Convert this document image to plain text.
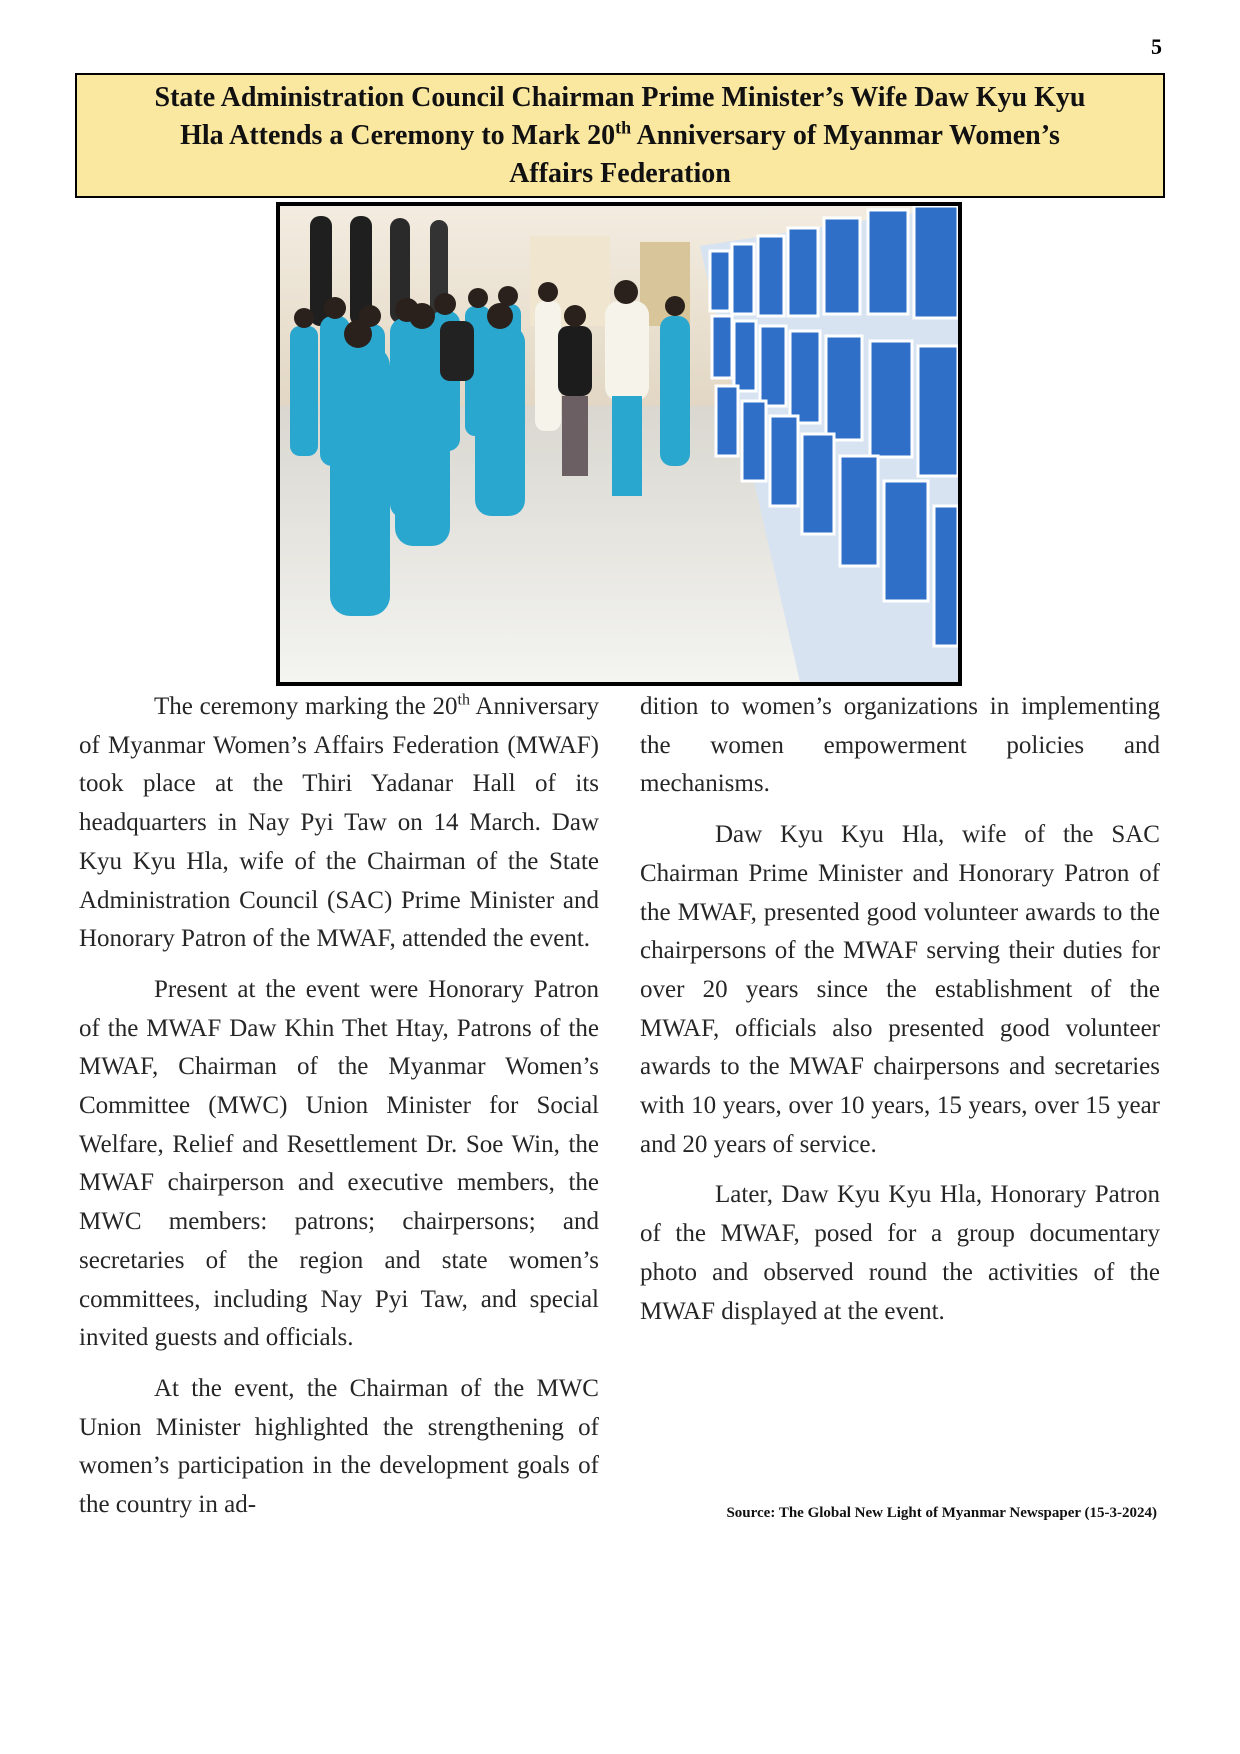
5
State Administration Council Chairman Prime Minister’s Wife Daw Kyu Kyu
Hla Attends a Ceremony to Mark 20th Anniversary of Myanmar Women’s
Affairs Federation

The ceremony marking the 20th Anniversary of Myanmar Women’s Affairs Federation (MWAF) took place at the Thiri Yadanar Hall of its headquarters in Nay Pyi Taw on 14 March. Daw Kyu Kyu Hla, wife of the Chairman of the State Administration Council (SAC) Prime Minister and Honorary Patron of the MWAF, attended the event.

Present at the event were Honorary Patron of the MWAF Daw Khin Thet Htay, Patrons of the MWAF, Chairman of the Myanmar Women’s Committee (MWC) Union Minister for Social Welfare, Relief and Resettlement Dr. Soe Win, the MWAF chairperson and executive members, the MWC members: patrons; chairpersons; and secretaries of the region and state women’s committees, including Nay Pyi Taw, and special invited guests and officials.

At the event, the Chairman of the MWC Union Minister highlighted the strengthening of women’s participation in the development goals of the country in ad-

dition to women’s organizations in implementing the women empowerment policies and mechanisms.

Daw Kyu Kyu Hla, wife of the SAC Chairman Prime Minister and Honorary Patron of the MWAF, presented good volunteer awards to the chairpersons of the MWAF serving their duties for over 20 years since the establishment of the MWAF, officials also presented good volunteer awards to the MWAF chairpersons and secretaries with 10 years, over 10 years, 15 years, over 15 year and 20 years of service.

Later, Daw Kyu Kyu Hla, Honorary Patron of the MWAF, posed for a group documentary photo and observed round the activities of the MWAF displayed at the event.

Source: The Global New Light of Myanmar Newspaper (15-3-2024)
